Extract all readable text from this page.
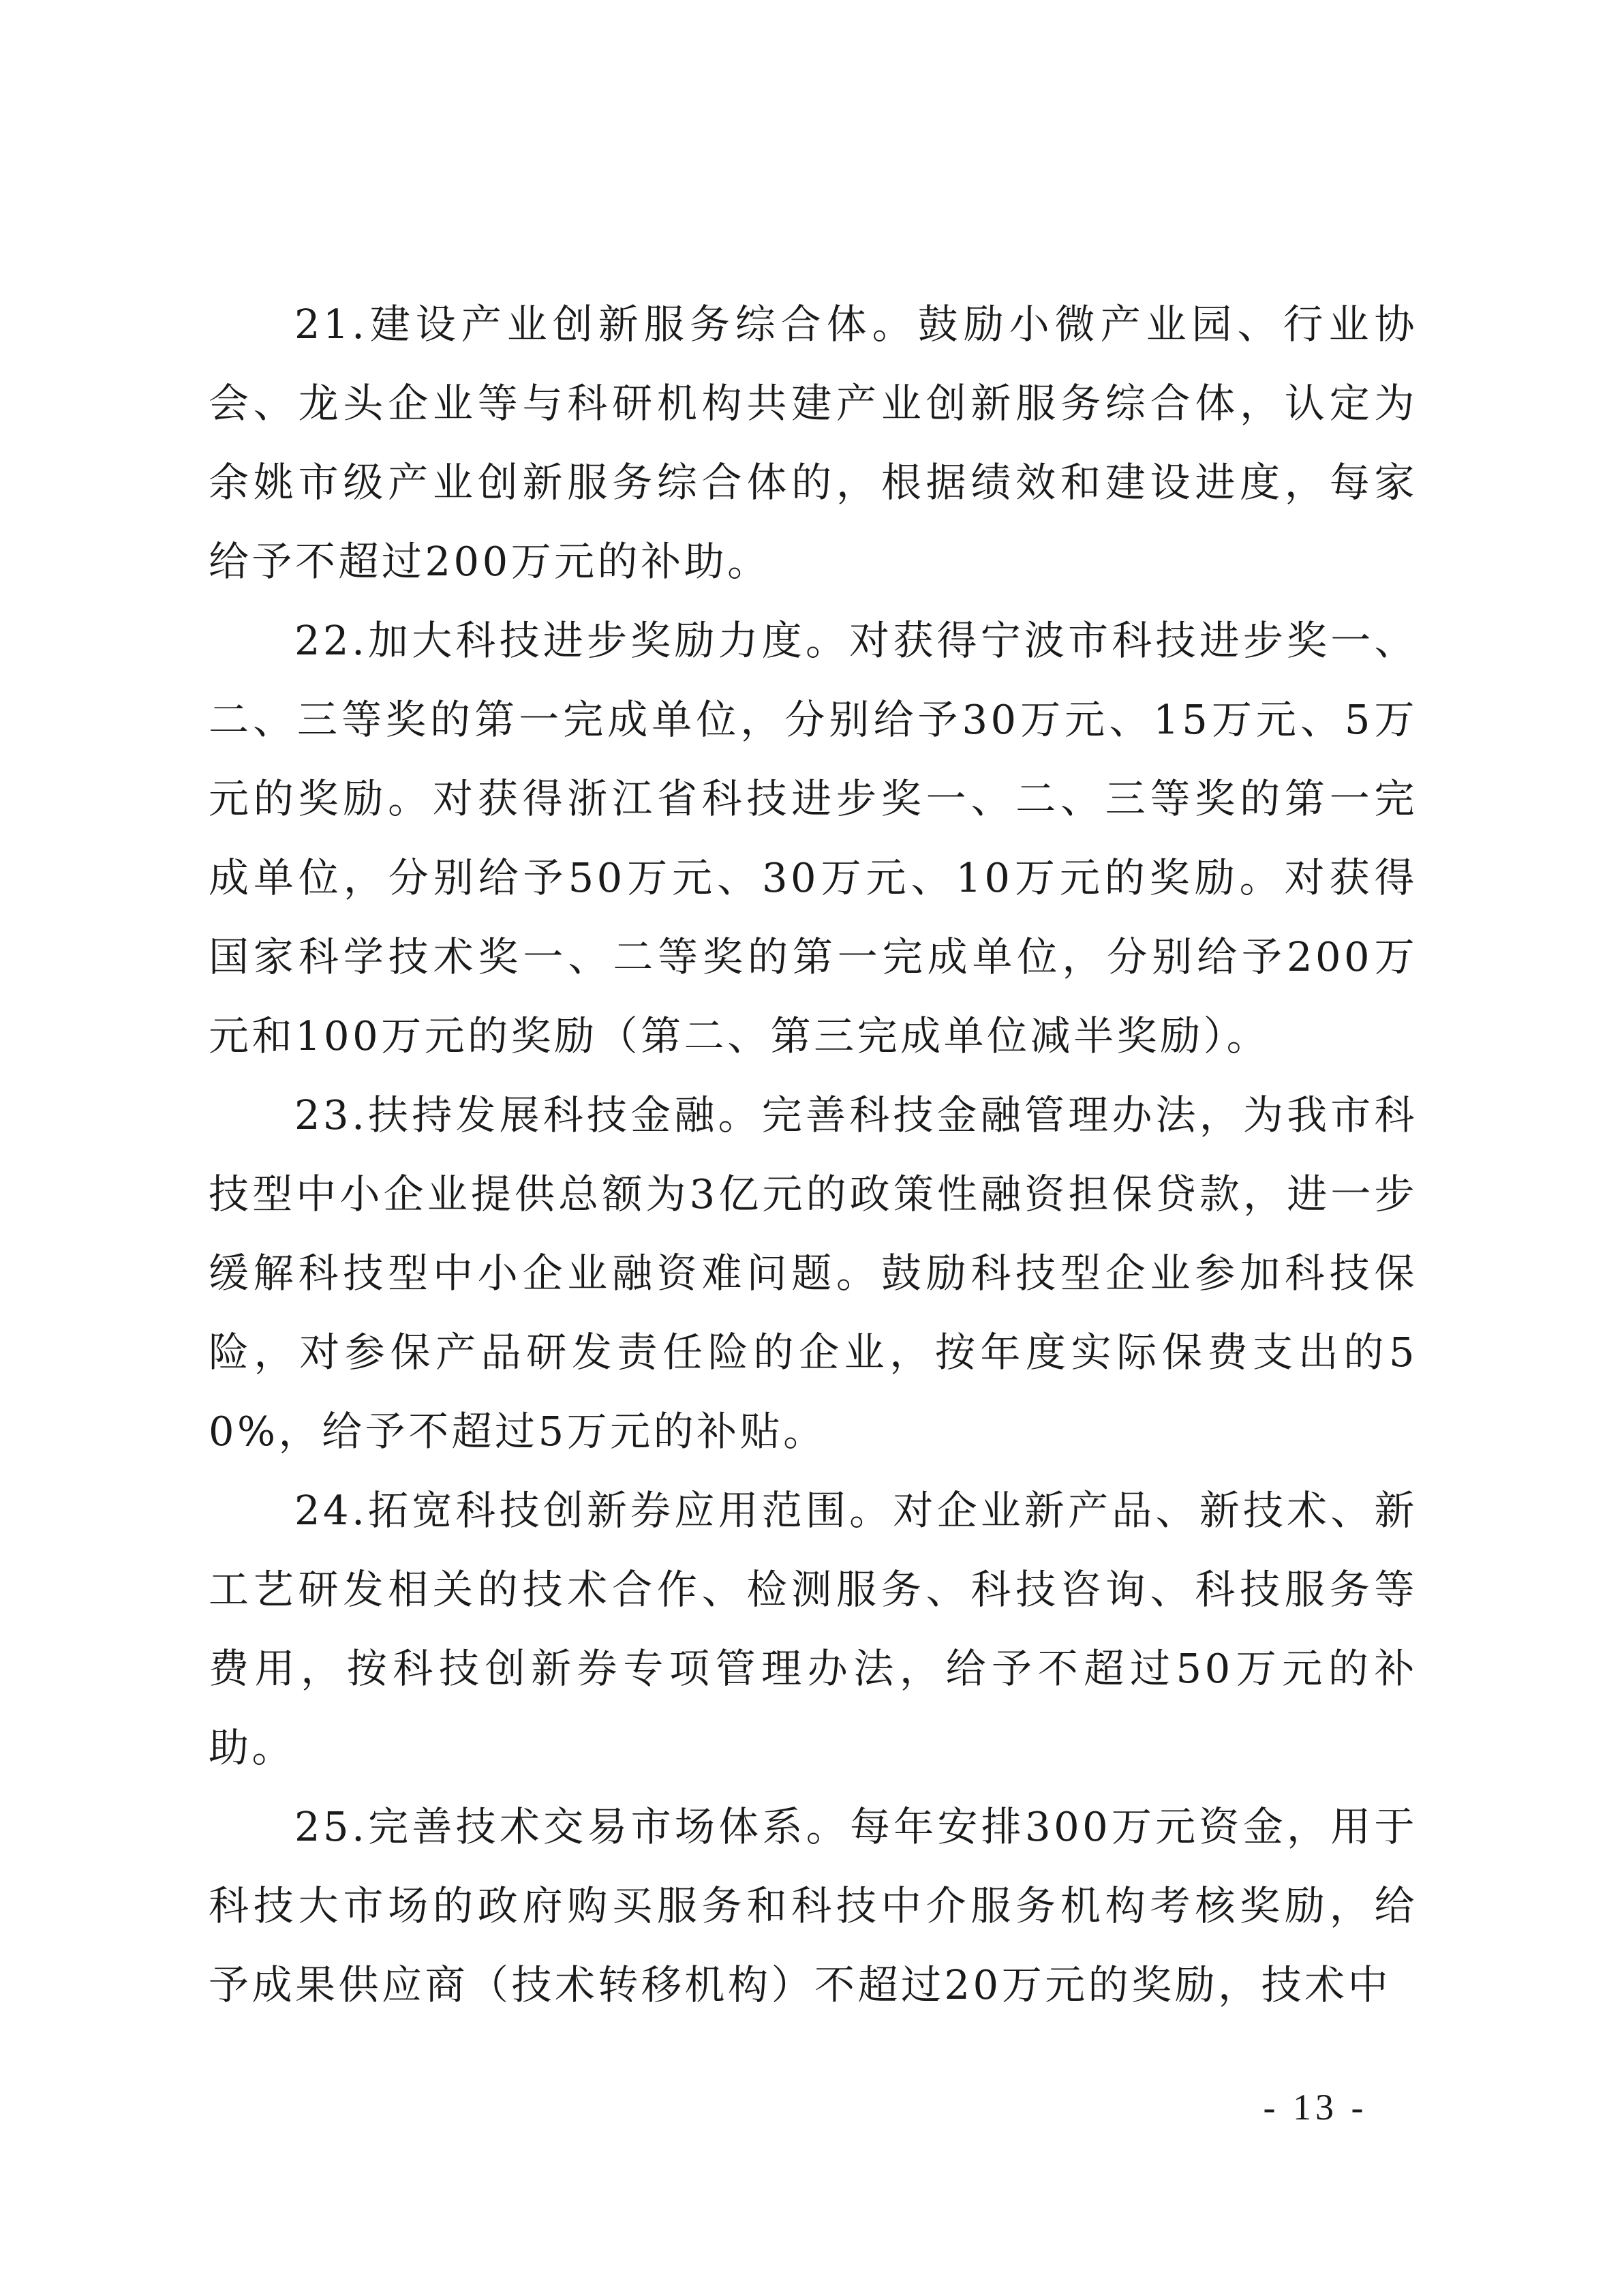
21.建设产业创新服务综合体。鼓励小微产业园、行业协会、龙头企业等与科研机构共建产业创新服务综合体，认定为余姚市级产业创新服务综合体的，根据绩效和建设进度，每家给予不超过200万元的补助。

22.加大科技进步奖励力度。对获得宁波市科技进步奖一、二、三等奖的第一完成单位，分别给予30万元、15万元、5万元的奖励。对获得浙江省科技进步奖一、二、三等奖的第一完成单位，分别给予50万元、30万元、10万元的奖励。对获得国家科学技术奖一、二等奖的第一完成单位，分别给予200万元和100万元的奖励（第二、第三完成单位减半奖励）。

23.扶持发展科技金融。完善科技金融管理办法，为我市科技型中小企业提供总额为3亿元的政策性融资担保贷款，进一步缓解科技型中小企业融资难问题。鼓励科技型企业参加科技保险，对参保产品研发责任险的企业，按年度实际保费支出的50%，给予不超过5万元的补贴。

24.拓宽科技创新券应用范围。对企业新产品、新技术、新工艺研发相关的技术合作、检测服务、科技咨询、科技服务等费用，按科技创新券专项管理办法，给予不超过50万元的补助。

25.完善技术交易市场体系。每年安排300万元资金，用于科技大市场的政府购买服务和科技中介服务机构考核奖励，给予成果供应商（技术转移机构）不超过20万元的奖励，技术中

- 13 -
